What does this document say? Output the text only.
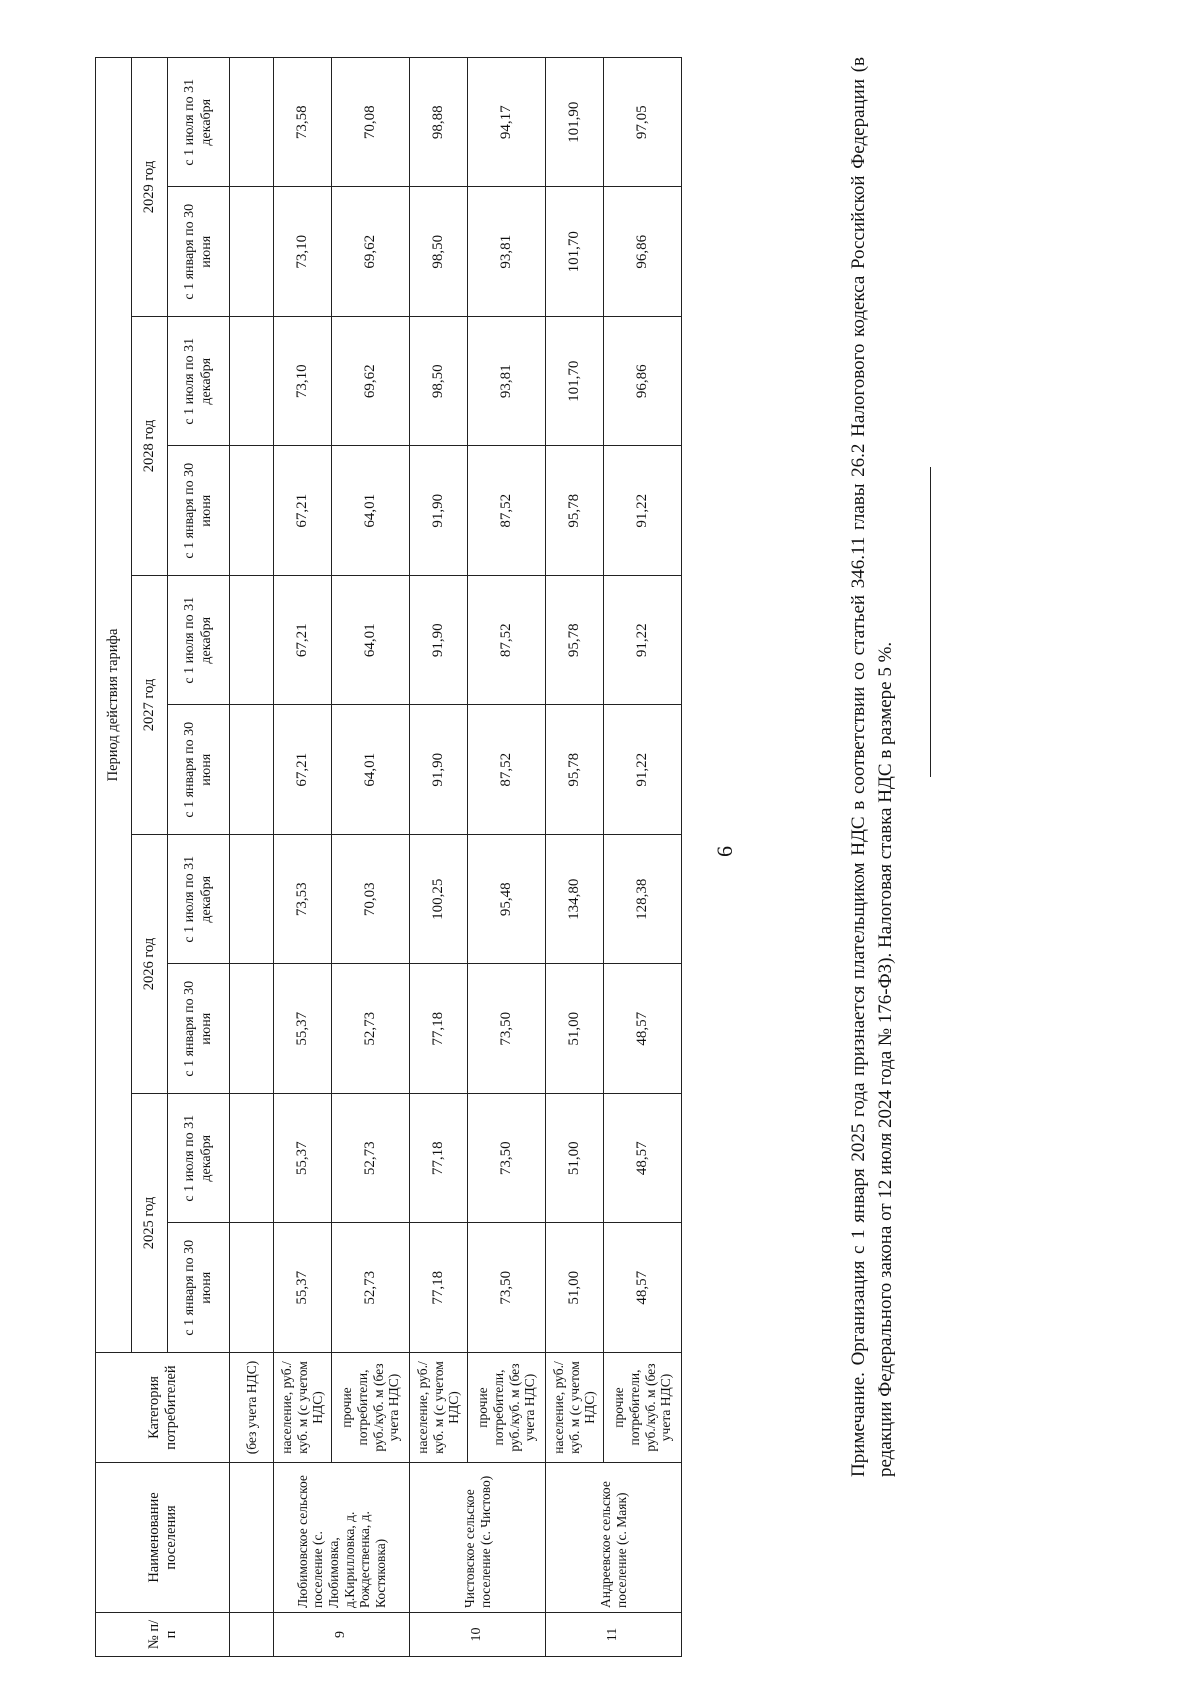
6
№ п/п	Наименование поселения	Категория потребителей	Период действия тарифа									
			2025 год		2026 год		2027 год		2028 год		2029 год	
			с 1 января по 30 июня	с 1 июля по 31 декабря	с 1 января по 30 июня	с 1 июля по 31 декабря	с 1 января по 30 июня	с 1 июля по 31 декабря	с 1 января по 30 июня	с 1 июля по 31 декабря	с 1 января по 30 июня	с 1 июля по 31 декабря
		(без учета НДС)										
9	Любимовское сельское поселение (с. Любимовка, д.Кирилловка, д. Рождественка, д. Костяковка)	население, руб./ куб. м (с учетом НДС)	55,37	55,37	55,37	73,53	67,21	67,21	67,21	73,10	73,10	73,58
		прочие потребители, руб./куб. м (без учета НДС)	52,73	52,73	52,73	70,03	64,01	64,01	64,01	69,62	69,62	70,08
10	Чистовское сельское поселение (с. Чистово)	население, руб./ куб. м (с учетом НДС)	77,18	77,18	77,18	100,25	91,90	91,90	91,90	98,50	98,50	98,88
		прочие потребители, руб./куб. м (без учета НДС)	73,50	73,50	73,50	95,48	87,52	87,52	87,52	93,81	93,81	94,17
11	Андреевское сельское поселение (с. Маяк)	население, руб./ куб. м (с учетом НДС)	51,00	51,00	51,00	134,80	95,78	95,78	95,78	101,70	101,70	101,90
		прочие потребители, руб./куб. м (без учета НДС)	48,57	48,57	48,57	128,38	91,22	91,22	91,22	96,86	96,86	97,05	Примечание. Организация с 1 января 2025 года признается плательщиком НДС в соответствии со статьей 346.11 главы 26.2 Налогового кодекса Российской Федерации (в редакции Федерального закона от 12 июля 2024 года № 176-ФЗ). Налоговая ставка НДС в размере 5 %.
